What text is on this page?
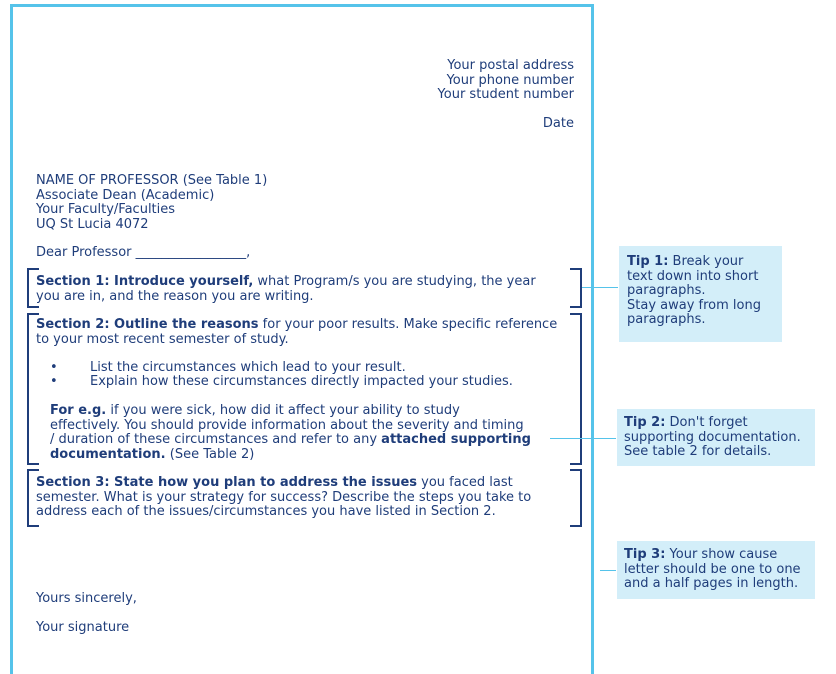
Your postal address
Your phone number
Your student number
Date
NAME OF PROFESSOR (See Table 1)
Associate Dean (Academic)
Your Faculty/Faculties
UQ St Lucia 4072
Dear Professor _________________,
Section 1: Introduce yourself, what Program/s you are studying, the year
you are in, and the reason you are writing.
Section 2: Outline the reasons for your poor results. Make specific reference
to your most recent semester of study.
• List the circumstances which lead to your result.
• Explain how these circumstances directly impacted your studies.
For e.g. if you were sick, how did it affect your ability to study
effectively. You should provide information about the severity and timing
/ duration of these circumstances and refer to any attached supporting
documentation. (See Table 2)
Section 3: State how you plan to address the issues you faced last
semester. What is your strategy for success? Describe the steps you take to
address each of the issues/circumstances you have listed in Section 2.
Yours sincerely,
Your signature
Tip 1: Break your
text down into short
paragraphs.
Stay away from long
paragraphs.
Tip 2: Don't forget
supporting documentation.
See table 2 for details.
Tip 3: Your show cause
letter should be one to one
and a half pages in length.
